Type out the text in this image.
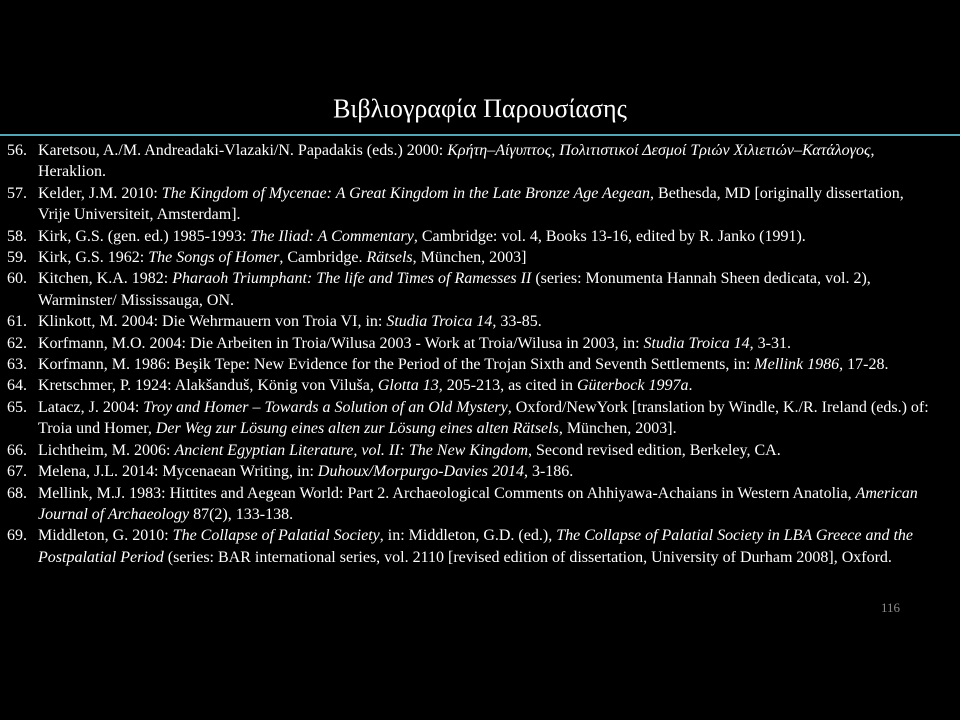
Βιβλιογραφία Παρουσίασης
56. Karetsou, A./M. Andreadaki-Vlazaki/N. Papadakis (eds.) 2000: Κρήτη–Αίγυπτος, Πολιτιστικοί Δεσμοί Τριών Χιλιετιών–Κατάλογος, Heraklion.
57. Kelder, J.M. 2010: The Kingdom of Mycenae: A Great Kingdom in the Late Bronze Age Aegean, Bethesda, MD [originally dissertation, Vrije Universiteit, Amsterdam].
58. Kirk, G.S. (gen. ed.) 1985-1993: The Iliad: A Commentary, Cambridge: vol. 4, Books 13-16, edited by R. Janko (1991).
59. Kirk, G.S. 1962: The Songs of Homer, Cambridge. Rätsels, München, 2003]
60. Kitchen, K.A. 1982: Pharaoh Triumphant: The life and Times of Ramesses II (series: Monumenta Hannah Sheen dedicata, vol. 2), Warminster/ Mississauga, ON.
61. Klinkott, M. 2004: Die Wehrmauern von Troia VI, in: Studia Troica 14, 33-85.
62. Korfmann, M.O. 2004: Die Arbeiten in Troia/Wilusa 2003 - Work at Troia/Wilusa in 2003, in: Studia Troica 14, 3-31.
63. Korfmann, M. 1986: Beşik Tepe: New Evidence for the Period of the Trojan Sixth and Seventh Settlements, in: Mellink 1986, 17-28.
64. Kretschmer, P. 1924: Alakšanduš, König von Viluša, Glotta 13, 205-213, as cited in Güterbock 1997a.
65. Latacz, J. 2004: Troy and Homer – Towards a Solution of an Old Mystery, Oxford/NewYork [translation by Windle, K./R. Ireland (eds.) of: Troia und Homer, Der Weg zur Lösung eines alten zur Lösung eines alten Rätsels, München, 2003].
66. Lichtheim, M. 2006: Ancient Egyptian Literature, vol. II: The New Kingdom, Second revised edition, Berkeley, CA.
67. Melena, J.L. 2014: Mycenaean Writing, in: Duhoux/Morpurgo-Davies 2014, 3-186.
68. Mellink, M.J. 1983: Hittites and Aegean World: Part 2. Archaeological Comments on Ahhiyawa-Achaians in Western Anatolia, American Journal of Archaeology 87(2), 133-138.
69. Middleton, G. 2010: The Collapse of Palatial Society, in: Middleton, G.D. (ed.), The Collapse of Palatial Society in LBA Greece and the Postpalatial Period (series: BAR international series, vol. 2110 [revised edition of dissertation, University of Durham 2008], Oxford.
116
